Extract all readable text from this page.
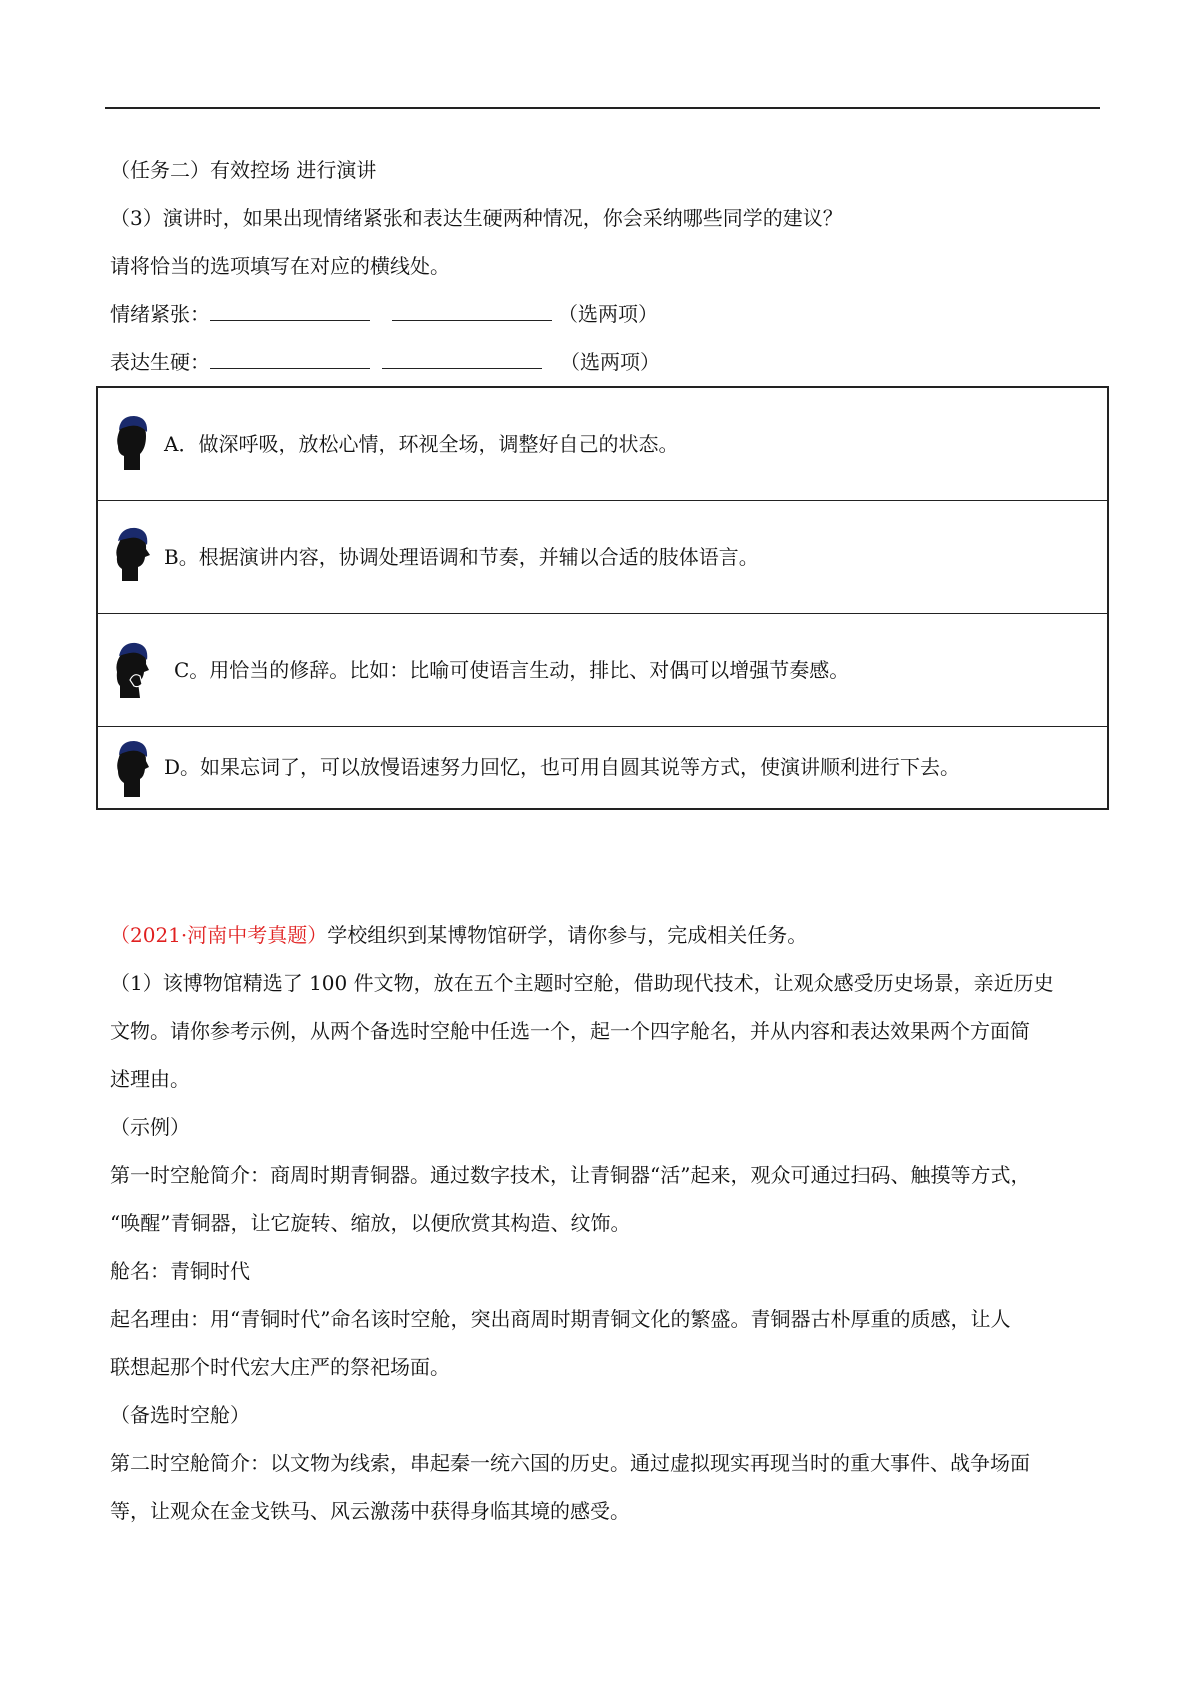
（任务二）有效控场 进行演讲
（3）演讲时，如果出现情绪紧张和表达生硬两种情况，你会采纳哪些同学的建议？
请将恰当的选项填写在对应的横线处。
情绪紧张：	（选两项）
表达生硬：	（选两项）
A．做深呼吸，放松心情，环视全场，调整好自己的状态。
B。根据演讲内容，协调处理语调和节奏，并辅以合适的肢体语言。
C。用恰当的修辞。比如：比喻可使语言生动，排比、对偶可以增强节奏感。
D。如果忘词了，可以放慢语速努力回忆，也可用自圆其说等方式，使演讲顺利进行下去。
（2021·河南中考真题）学校组织到某博物馆研学，请你参与，完成相关任务。
（1）该博物馆精选了 100 件文物，放在五个主题时空舱，借助现代技术，让观众感受历史场景，亲近历史
文物。请你参考示例，从两个备选时空舱中任选一个，起一个四字舱名，并从内容和表达效果两个方面简
述理由。
（示例）
第一时空舱简介：商周时期青铜器。通过数字技术，让青铜器“活”起来，观众可通过扫码、触摸等方式，
“唤醒”青铜器，让它旋转、缩放，以便欣赏其构造、纹饰。
舱名：青铜时代
起名理由：用“青铜时代”命名该时空舱，突出商周时期青铜文化的繁盛。青铜器古朴厚重的质感，让人
联想起那个时代宏大庄严的祭祀场面。
（备选时空舱）
第二时空舱简介：以文物为线索，串起秦一统六国的历史。通过虚拟现实再现当时的重大事件、战争场面
等，让观众在金戈铁马、风云激荡中获得身临其境的感受。
